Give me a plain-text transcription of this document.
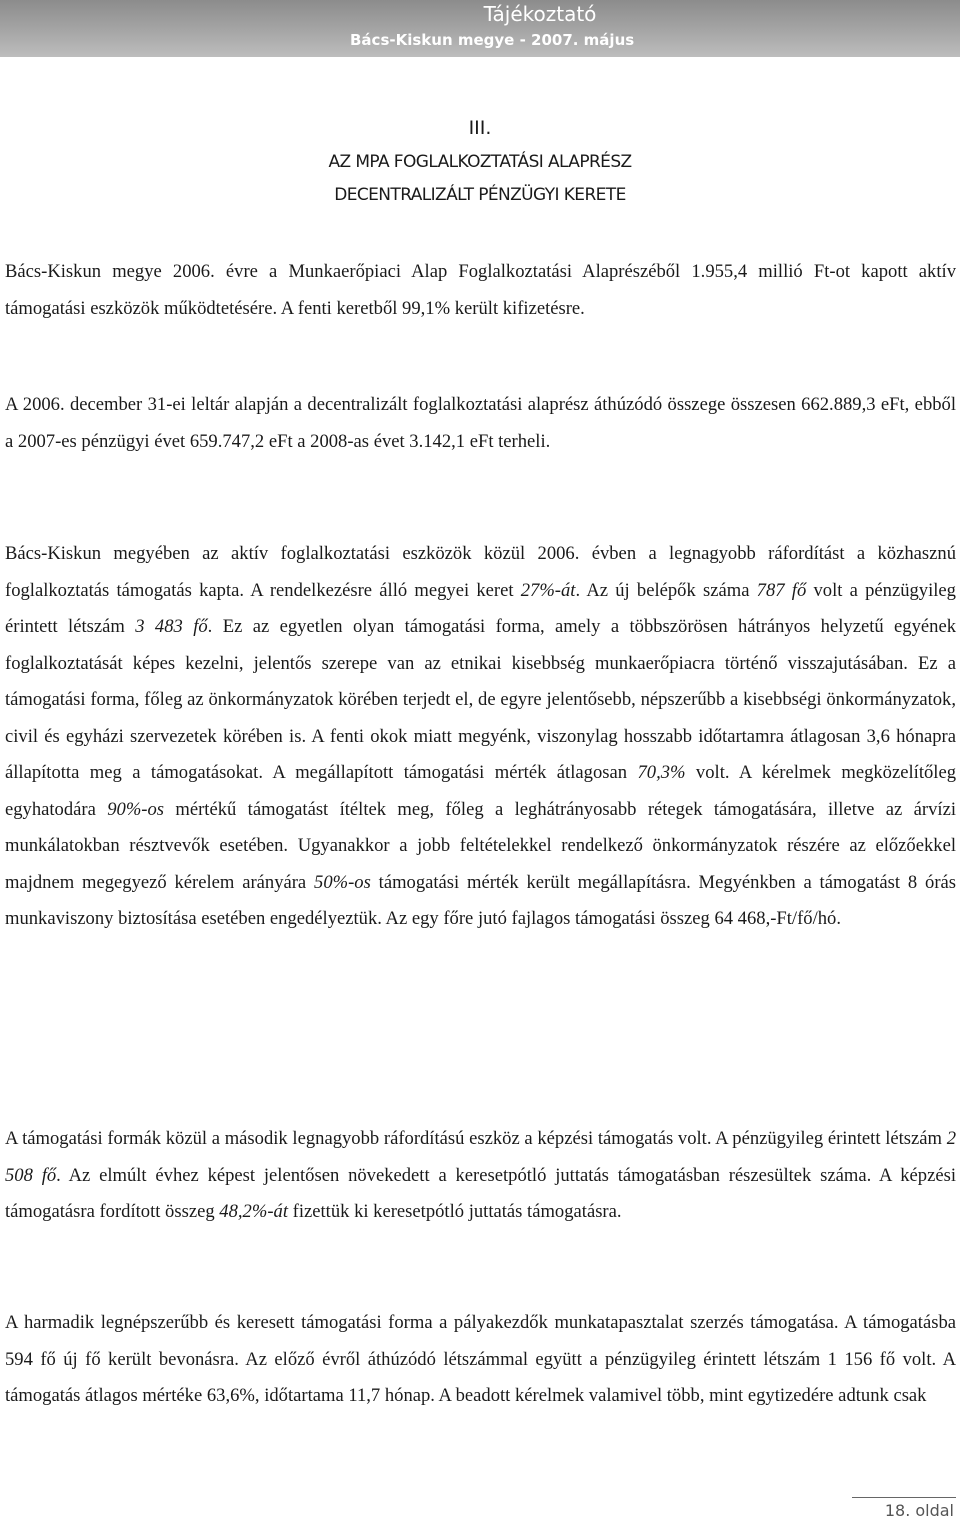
Tájékoztató
Bács-Kiskun megye - 2007. május
III.
AZ MPA FOGLALKOZTATÁSI ALAPRÉSZ
DECENTRALIZÁLT PÉNZÜGYI KERETE

Bács-Kiskun megye 2006. évre a Munkaerőpiaci Alap Foglalkoztatási Alaprészéből 1.955,4 millió Ft-ot kapott aktív támogatási eszközök működtetésére. A fenti keretből 99,1% került kifizetésre.

A 2006. december 31-ei leltár alapján a decentralizált foglalkoztatási alaprész áthúzódó összege összesen 662.889,3 eFt, ebből a 2007-es pénzügyi évet 659.747,2 eFt a 2008-as évet 3.142,1 eFt terheli.

Bács-Kiskun megyében az aktív foglalkoztatási eszközök közül 2006. évben a legnagyobb ráfordítást a közhasznú foglalkoztatás támogatás kapta. A rendelkezésre álló megyei keret 27%-át. Az új belépők száma 787 fő volt a pénzügyileg érintett létszám 3 483 fő. Ez az egyetlen olyan támogatási forma, amely a többszörösen hátrányos helyzetű egyének foglalkoztatását képes kezelni, jelentős szerepe van az etnikai kisebbség munkaerőpiacra történő visszajutásában. Ez a támogatási forma, főleg az önkormányzatok körében terjedt el, de egyre jelentősebb, népszerűbb a kisebbségi önkormányzatok, civil és egyházi szervezetek körében is. A fenti okok miatt megyénk, viszonylag hosszabb időtartamra átlagosan 3,6 hónapra állapította meg a támogatásokat. A megállapított támogatási mérték átlagosan 70,3% volt. A kérelmek megközelítőleg egyhatodára 90%-os mértékű támogatást ítéltek meg, főleg a leghátrányosabb rétegek támogatására, illetve az árvízi munkálatokban résztvevők esetében. Ugyanakkor a jobb feltételekkel rendelkező önkormányzatok részére az előzőekkel majdnem megegyező kérelem arányára 50%-os támogatási mérték került megállapításra. Megyénkben a támogatást 8 órás munkaviszony biztosítása esetében engedélyeztük. Az egy főre jutó fajlagos támogatási összeg 64 468,-Ft/fő/hó.

A támogatási formák közül a második legnagyobb ráfordítású eszköz a képzési támogatás volt. A pénzügyileg érintett létszám 2 508 fő. Az elmúlt évhez képest jelentősen növekedett a keresetpótló juttatás támogatásban részesültek száma. A képzési támogatásra fordított összeg 48,2%-át fizettük ki keresetpótló juttatás támogatásra.

A harmadik legnépszerűbb és keresett támogatási forma a pályakezdők munkatapasztalat szerzés támogatása. A támogatásba 594 fő új fő került bevonásra. Az előző évről áthúzódó létszámmal együtt a pénzügyileg érintett létszám 1 156 fő volt. A támogatás átlagos mértéke 63,6%, időtartama 11,7 hónap. A beadott kérelmek valamivel több, mint egytizedére adtunk csak

18. oldal
